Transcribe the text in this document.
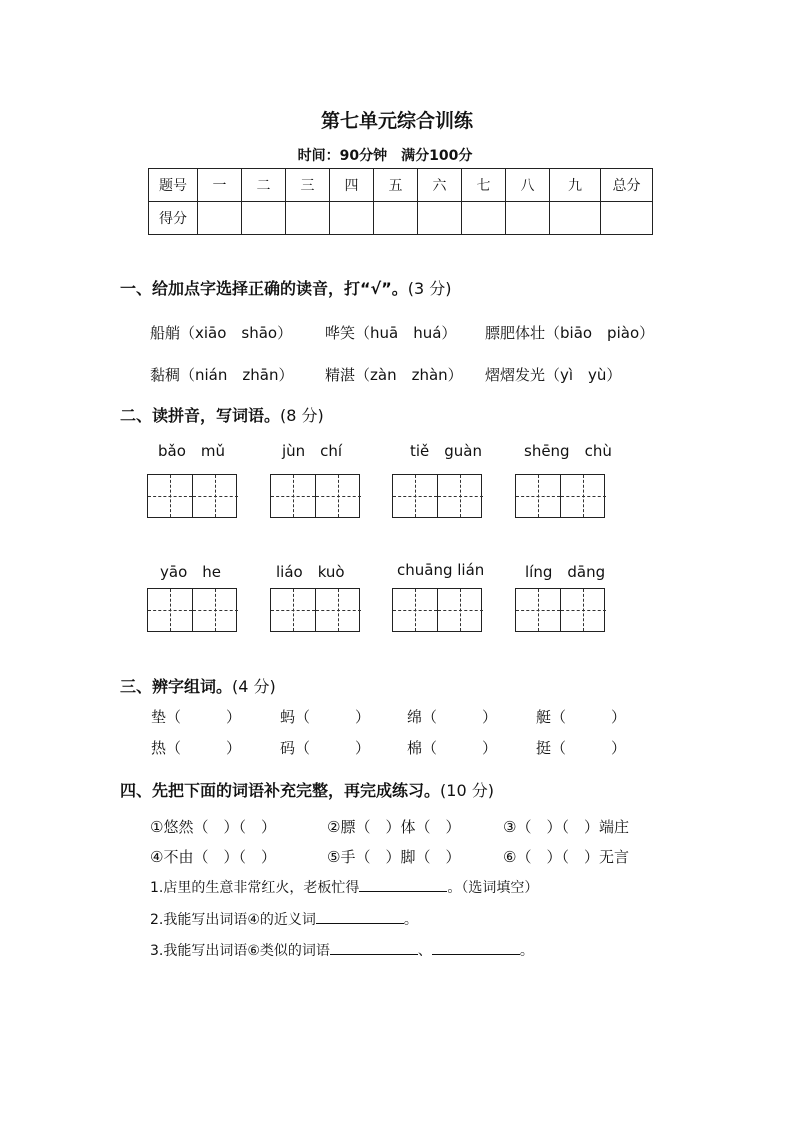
第七单元综合训练
时间：90分钟　满分100分
题号	一	二	三	四	五	六	七	八	九	总分
得分										
一、给加点字选择正确的读音，打“√”。(3 分)
船艄（xiāo　shāo） 哗笑（huā　huá） 膘肥体壮（biāo　piào）
黏稠（nián　zhān） 精湛（zàn　zhàn） 熠熠发光（yì　yù）
二、读拼音，写词语。(8 分)
bǎo　mǔ	jùn　chí	tiě　guàn	shēng　chù
yāo　he	liáo　kuò	chuāng lián	líng　dāng
三、辨字组词。(4 分)
垫（　　　）	蚂（　　　） 绵（　　　）	艇（　　　）
热（　　　）	码（　　　） 棉（　　　）	挺（　　　）
四、先把下面的词语补充完整，再完成练习。(10 分)
①悠然（　）（　）	②膘（　）体（　）	③（　）（　）端庄
④不由（　）（　）	⑤手（　）脚（　）	⑥（　）（　）无言
1.店里的生意非常红火，老板忙得	。（选词填空）
2.我能写出词语④的近义词	。
3.我能写出词语⑥类似的词语	、	。
